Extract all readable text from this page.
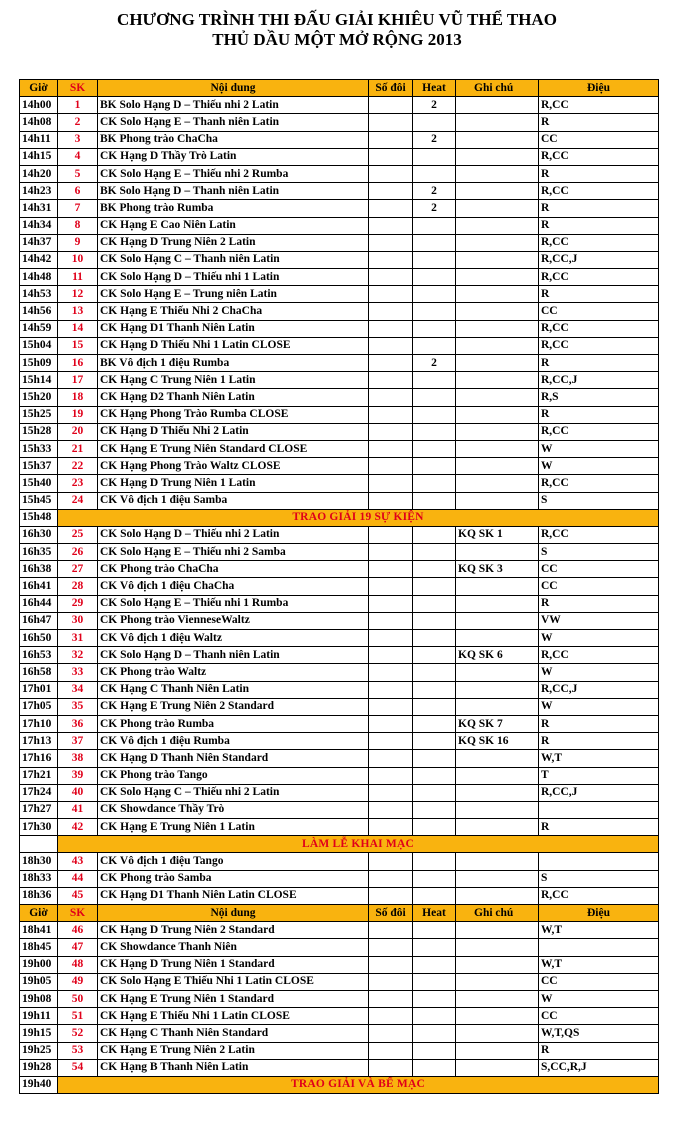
CHƯƠNG TRÌNH THI ĐẤU GIẢI KHIÊU VŨ THỂ THAO
THỦ DẦU MỘT MỞ RỘNG 2013
Giờ	SK	Nội dung	Số đôi	Heat	Ghi chú	Điệu
14h00	1	BK Solo Hạng D – Thiếu nhi 2 Latin		2		R,CC
14h08	2	CK Solo Hạng E – Thanh niên Latin				R
14h11	3	BK Phong trào ChaCha		2		CC
14h15	4	CK Hạng D Thầy Trò Latin				R,CC
14h20	5	CK Solo Hạng E – Thiếu nhi 2 Rumba				R
14h23	6	BK Solo Hạng D – Thanh niên Latin		2		R,CC
14h31	7	BK Phong trào Rumba		2		R
14h34	8	CK Hạng E Cao Niên Latin				R
14h37	9	CK Hạng D Trung Niên 2 Latin				R,CC
14h42	10	CK Solo Hạng C – Thanh niên Latin				R,CC,J
14h48	11	CK Solo Hạng D – Thiếu nhi 1 Latin				R,CC
14h53	12	CK Solo Hạng E – Trung niên Latin				R
14h56	13	CK Hạng E Thiếu Nhi 2 ChaCha				CC
14h59	14	CK Hạng D1 Thanh Niên Latin				R,CC
15h04	15	CK Hạng D Thiếu Nhi 1 Latin CLOSE				R,CC
15h09	16	BK Vô địch 1 điệu Rumba		2		R
15h14	17	CK Hạng C Trung Niên 1 Latin				R,CC,J
15h20	18	CK Hạng D2 Thanh Niên Latin				R,S
15h25	19	CK Hạng Phong Trào Rumba CLOSE				R
15h28	20	CK Hạng D Thiếu Nhi 2 Latin				R,CC
15h33	21	CK Hạng E Trung Niên Standard CLOSE				W
15h37	22	CK Hạng Phong Trào Waltz CLOSE				W
15h40	23	CK Hạng D Trung Niên 1 Latin				R,CC
15h45	24	CK Vô địch 1 điệu Samba				S
15h48	TRAO GIẢI 19 SỰ KIỆN					
16h30	25	CK Solo Hạng D – Thiếu nhi 2 Latin			KQ SK 1	R,CC
16h35	26	CK Solo Hạng E – Thiếu nhi 2 Samba				S
16h38	27	CK Phong trào ChaCha			KQ SK 3	CC
16h41	28	CK Vô địch 1 điệu ChaCha				CC
16h44	29	CK Solo Hạng E – Thiếu nhi 1 Rumba				R
16h47	30	CK Phong trào VienneseWaltz				VW
16h50	31	CK Vô địch 1 điệu Waltz				W
16h53	32	CK Solo Hạng D – Thanh niên Latin			KQ SK 6	R,CC
16h58	33	CK Phong trào Waltz				W
17h01	34	CK Hạng C Thanh Niên Latin				R,CC,J
17h05	35	CK Hạng E Trung Niên 2 Standard				W
17h10	36	CK Phong trào Rumba			KQ SK 7	R
17h13	37	CK Vô địch 1 điệu Rumba			KQ SK 16	R
17h16	38	CK Hạng D Thanh Niên Standard				W,T
17h21	39	CK Phong trào Tango				T
17h24	40	CK Solo Hạng C – Thiếu nhi 2 Latin				R,CC,J
17h27	41	CK Showdance Thầy Trò				
17h30	42	CK Hạng E Trung Niên 1 Latin				R
	LÀM LỄ KHAI MẠC					
18h30	43	CK Vô địch 1 điệu Tango				
18h33	44	CK Phong trào Samba				S
18h36	45	CK Hạng D1 Thanh Niên Latin CLOSE				R,CC
Giờ	SK	Nội dung	Số đôi	Heat	Ghi chú	Điệu
18h41	46	CK Hạng D Trung Niên 2 Standard				W,T
18h45	47	CK Showdance Thanh Niên				
19h00	48	CK Hạng D Trung Niên 1 Standard				W,T
19h05	49	CK Solo Hạng E Thiếu Nhi 1 Latin CLOSE				CC
19h08	50	CK Hạng E Trung Niên 1 Standard				W
19h11	51	CK Hạng E Thiếu Nhi 1 Latin CLOSE				CC
19h15	52	CK Hạng C Thanh Niên Standard				W,T,QS
19h25	53	CK Hạng E Trung Niên 2 Latin				R
19h28	54	CK Hạng B Thanh Niên Latin				S,CC,R,J
19h40	TRAO GIẢI VÀ BẾ MẠC					
